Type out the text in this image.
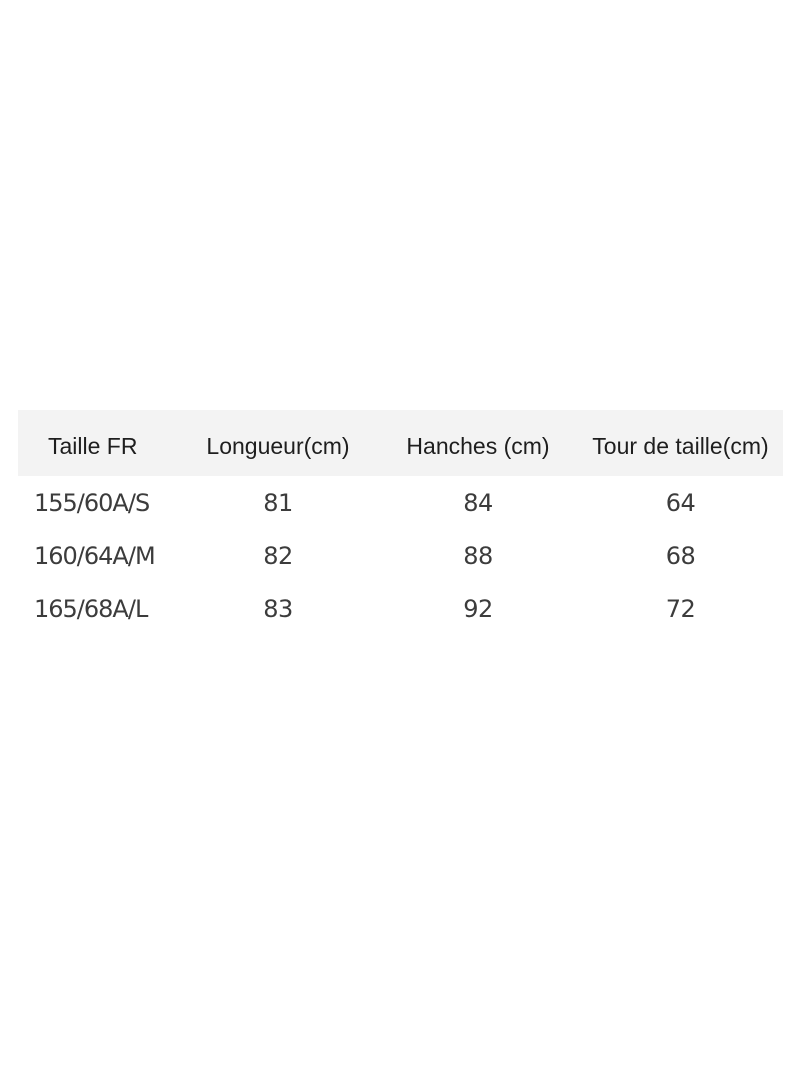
Taille FR	Longueur(cm)	Hanches (cm)	Tour de taille(cm)
155/60A/S	81	84	64
160/64A/M	82	88	68
165/68A/L	83	92	72
